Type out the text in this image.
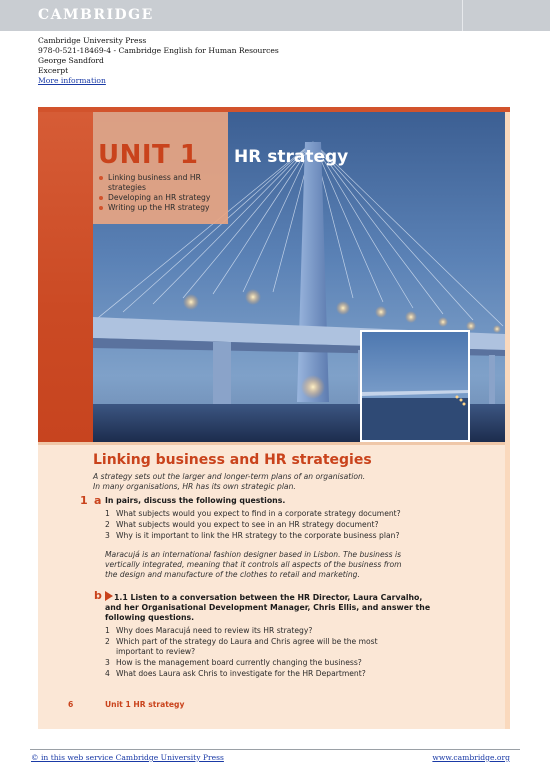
CAMBRIDGE
Cambridge University Press
978-0-521-18469-4 - Cambridge English for Human Resources
George Sandford
Excerpt
More information
UNIT 1 HR strategy
Linking business and HR strategies
Developing an HR strategy
Writing up the HR strategy
Linking business and HR strategies
A strategy sets out the larger and longer-term plans of an organisation.
In many organisations, HR has its own strategic plan.
1 a In pairs, discuss the following questions.
1 What subjects would you expect to find in a corporate strategy document?
2 What subjects would you expect to see in an HR strategy document?
3 Why is it important to link the HR strategy to the corporate business plan?
Maracujá is an international fashion designer based in Lisbon. The business is
vertically integrated, meaning that it controls all aspects of the business from
the design and manufacture of the clothes to retail and marketing.
b	1.1 Listen to a conversation between the HR Director, Laura Carvalho,
and her Organisational Development Manager, Chris Ellis, and answer the
following questions.
1 Why does Maracujá need to review its HR strategy?
2 Which part of the strategy do Laura and Chris agree will be the most
important to review?
3 How is the management board currently changing the business?
4 What does Laura ask Chris to investigate for the HR Department?
6	Unit 1 HR strategy
© in this web service Cambridge University Press	www.cambridge.org
